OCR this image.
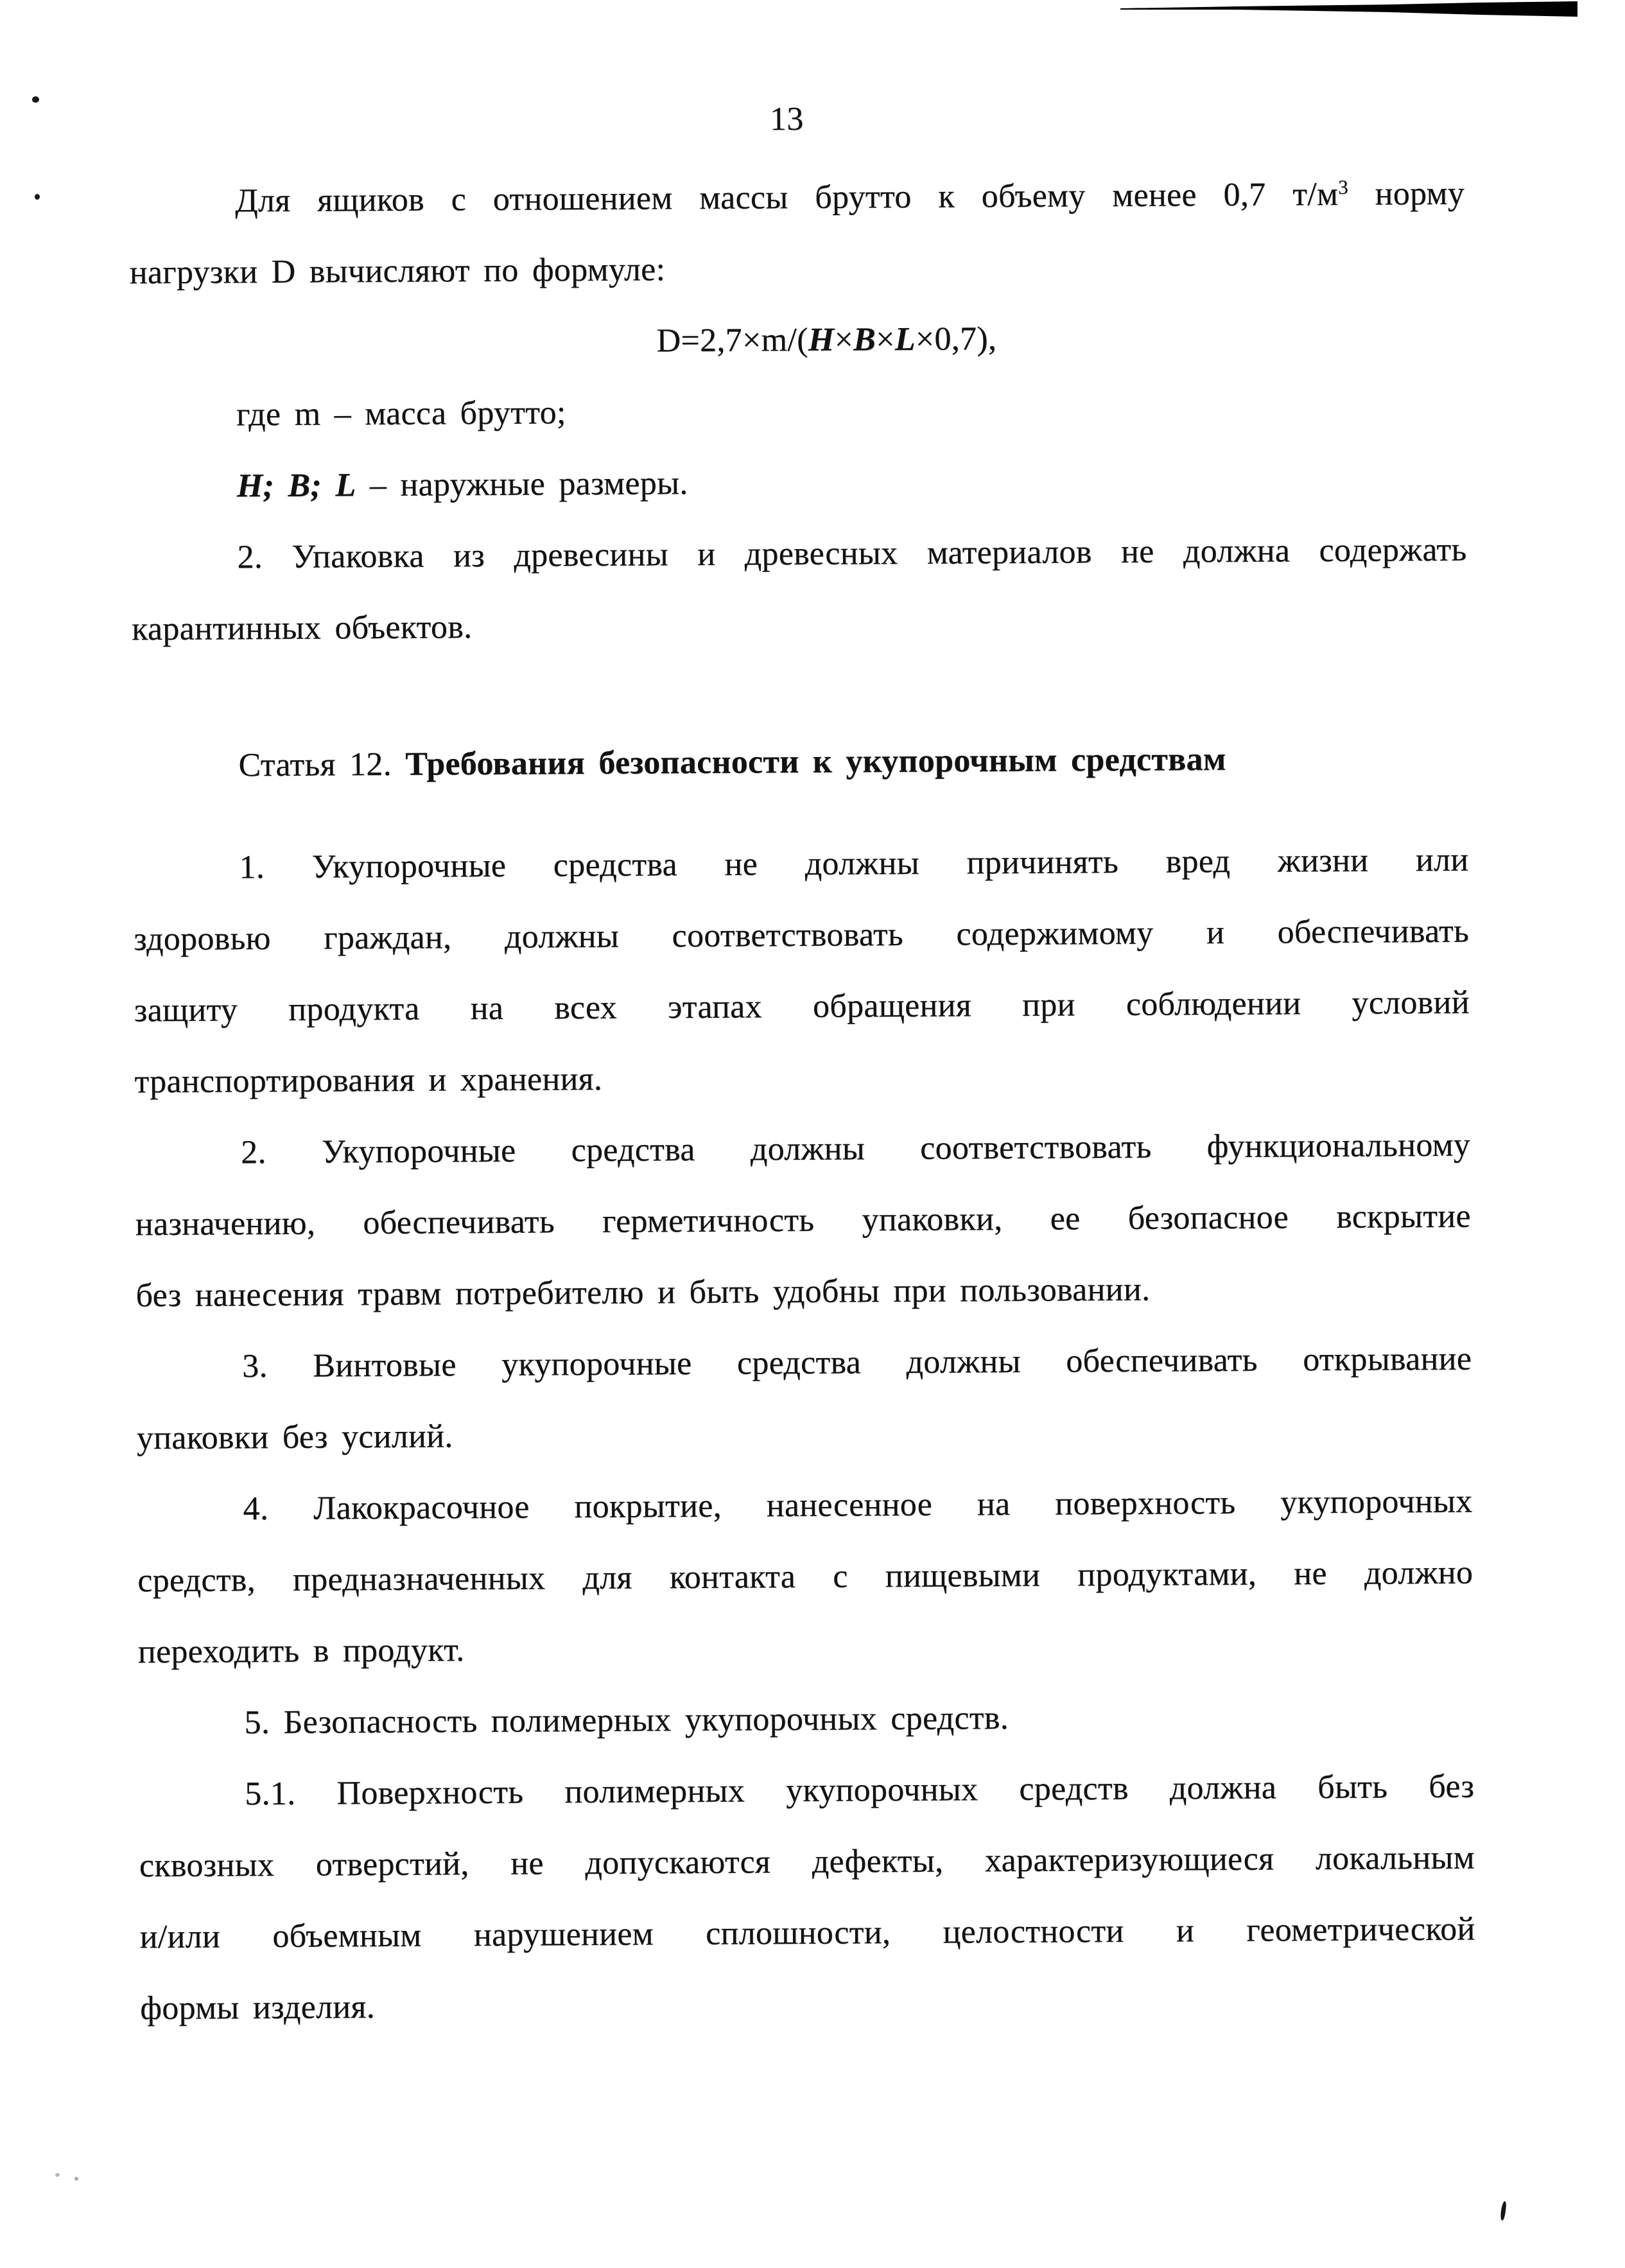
13
Для ящиков с отношением массы брутто к объему менее 0,7 $т/м^3$ норму
нагрузки D вычисляют по формуле:
D=2,7×m/(H×B×L×0,7),
где m – масса брутто;
H; B; L – наружные размеры.
2. Упаковка из древесины и древесных материалов не должна содержать
карантинных объектов.
Статья 12. Требования безопасности к укупорочным средствам
1. Укупорочные средства не должны причинять вред жизни или
здоровью граждан, должны соответствовать содержимому и обеспечивать
защиту продукта на всех этапах обращения при соблюдении условий
транспортирования и хранения.
2. Укупорочные средства должны соответствовать функциональному
назначению, обеспечивать герметичность упаковки, ее безопасное вскрытие
без нанесения травм потребителю и быть удобны при пользовании.
3. Винтовые укупорочные средства должны обеспечивать открывание
упаковки без усилий.
4. Лакокрасочное покрытие, нанесенное на поверхность укупорочных
средств, предназначенных для контакта с пищевыми продуктами, не должно
переходить в продукт.
5. Безопасность полимерных укупорочных средств.
5.1. Поверхность полимерных укупорочных средств должна быть без
сквозных отверстий, не допускаются дефекты, характеризующиеся локальным
и/или объемным нарушением сплошности, целостности и геометрической
формы изделия.
